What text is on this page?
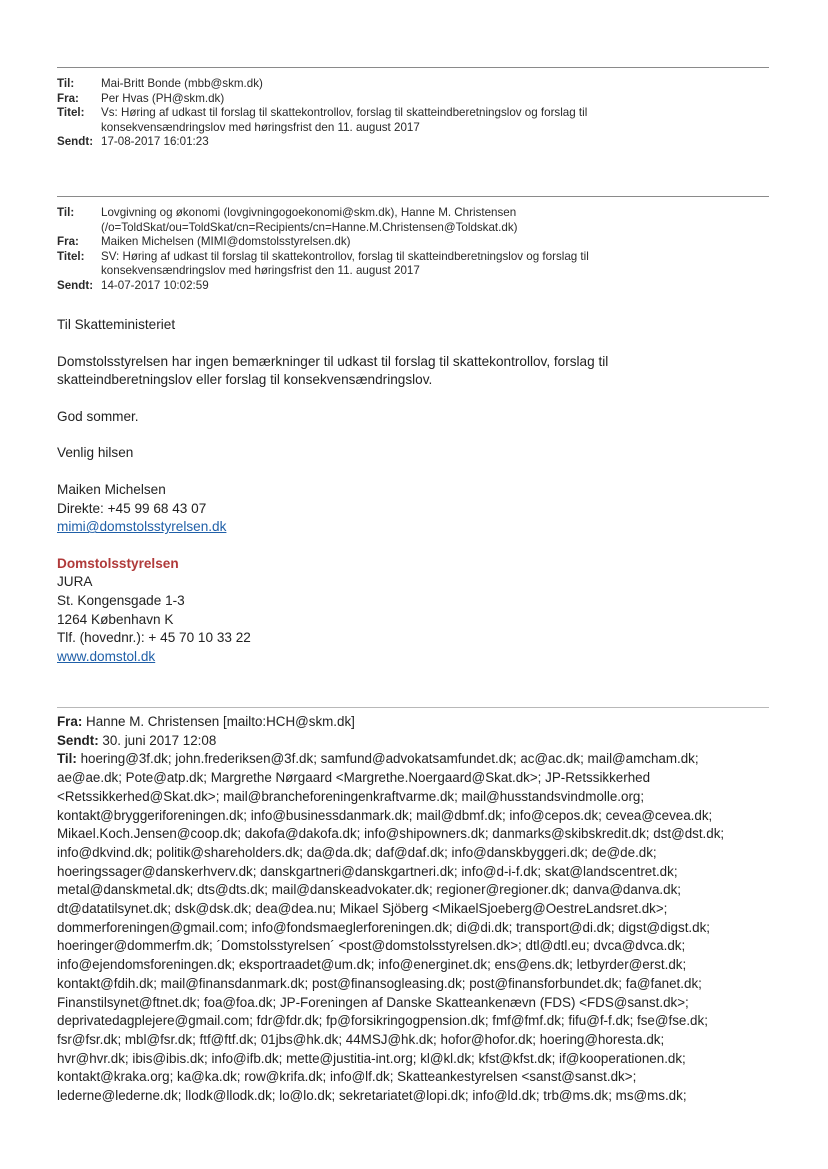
Til:	Mai-Britt Bonde (mbb@skm.dk)
Fra:	Per Hvas (PH@skm.dk)
Titel:	Vs: Høring af udkast til forslag til skattekontrollov, forslag til skatteindberetningslov og forslag til
konsekvensændringslov med høringsfrist den 11. august 2017
Sendt: 17-08-2017 16:01:23
Til:	Lovgivning og økonomi (lovgivningogoekonomi@skm.dk), Hanne M. Christensen
(/o=ToldSkat/ou=ToldSkat/cn=Recipients/cn=Hanne.M.Christensen@Toldskat.dk)
Fra:	Maiken Michelsen (MIMI@domstolsstyrelsen.dk)
Titel:	SV: Høring af udkast til forslag til skattekontrollov, forslag til skatteindberetningslov og forslag til
konsekvensændringslov med høringsfrist den 11. august 2017
Sendt: 14-07-2017 10:02:59

Til Skatteministeriet

Domstolsstyrelsen har ingen bemærkninger til udkast til forslag til skattekontrollov, forslag til

skatteindberetningslov eller forslag til konsekvensændringslov.

God sommer.

Venlig hilsen

Maiken Michelsen

Direkte: +45 99 68 43 07

mimi@domstolsstyrelsen.dk

Domstolsstyrelsen

JURA

St. Kongensgade 1-3

1264 København K

Tlf. (hovednr.): + 45 70 10 33 22

www.domstol.dk

Fra: Hanne M. Christensen [mailto:HCH@skm.dk]
Sendt: 30. juni 2017 12:08
Til: hoering@3f.dk; john.frederiksen@3f.dk; samfund@advokatsamfundet.dk; ac@ac.dk; mail@amcham.dk;
ae@ae.dk; Pote@atp.dk; Margrethe Nørgaard <Margrethe.Noergaard@Skat.dk>; JP-Retssikkerhed
<Retssikkerhed@Skat.dk>; mail@brancheforeningenkraftvarme.dk; mail@husstandsvindmolle.org;
kontakt@bryggeriforeningen.dk; info@businessdanmark.dk; mail@dbmf.dk; info@cepos.dk; cevea@cevea.dk;
Mikael.Koch.Jensen@coop.dk; dakofa@dakofa.dk; info@shipowners.dk; danmarks@skibskredit.dk; dst@dst.dk;
info@dkvind.dk; politik@shareholders.dk; da@da.dk; daf@daf.dk; info@danskbyggeri.dk; de@de.dk;
hoeringssager@danskerhverv.dk; danskgartneri@danskgartneri.dk; info@d-i-f.dk; skat@landscentret.dk;
metal@danskmetal.dk; dts@dts.dk; mail@danskeadvokater.dk; regioner@regioner.dk; danva@danva.dk;
dt@datatilsynet.dk; dsk@dsk.dk; dea@dea.nu; Mikael Sjöberg <MikaelSjoeberg@OestreLandsret.dk>;
dommerforeningen@gmail.com; info@fondsmaeglerforeningen.dk; di@di.dk; transport@di.dk; digst@digst.dk;
hoeringer@dommerfm.dk; ´Domstolsstyrelsen´ <post@domstolsstyrelsen.dk>; dtl@dtl.eu; dvca@dvca.dk;
info@ejendomsforeningen.dk; eksportraadet@um.dk; info@energinet.dk; ens@ens.dk; letbyrder@erst.dk;
kontakt@fdih.dk; mail@finansdanmark.dk; post@finansogleasing.dk; post@finansforbundet.dk; fa@fanet.dk;
Finanstilsynet@ftnet.dk; foa@foa.dk; JP-Foreningen af Danske Skatteankenævn (FDS) <FDS@sanst.dk>;
deprivatedagplejere@gmail.com; fdr@fdr.dk; fp@forsikringogpension.dk; fmf@fmf.dk; fifu@f-f.dk; fse@fse.dk;
fsr@fsr.dk; mbl@fsr.dk; ftf@ftf.dk; 01jbs@hk.dk; 44MSJ@hk.dk; hofor@hofor.dk; hoering@horesta.dk;
hvr@hvr.dk; ibis@ibis.dk; info@ifb.dk; mette@justitia-int.org; kl@kl.dk; kfst@kfst.dk; if@kooperationen.dk;
kontakt@kraka.org; ka@ka.dk; row@krifa.dk; info@lf.dk; Skatteankestyrelsen <sanst@sanst.dk>;
lederne@lederne.dk; llodk@llodk.dk; lo@lo.dk; sekretariatet@lopi.dk; info@ld.dk; trb@ms.dk; ms@ms.dk;
